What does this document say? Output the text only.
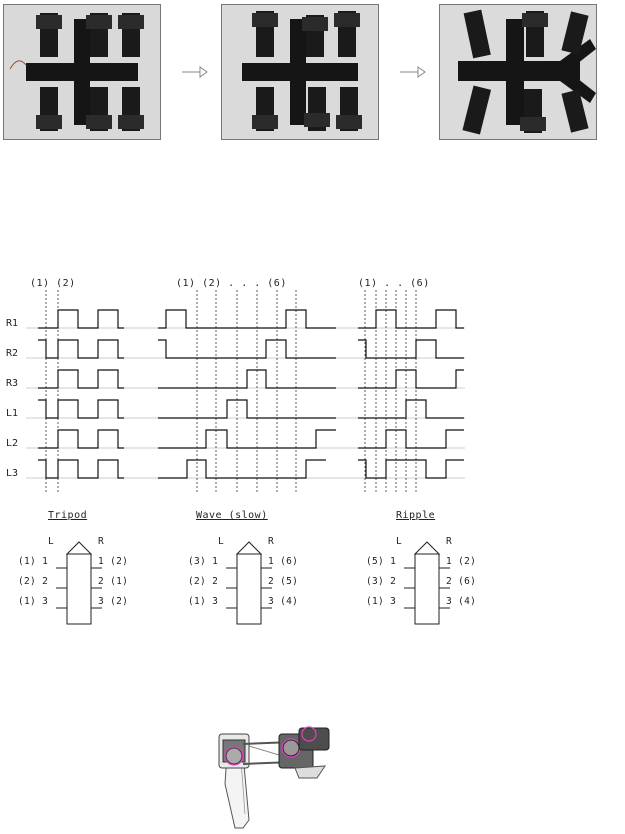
(1) (2)	(1) (2) . . . (6)	(1) . . (6)
R1
R2
R3
L1
L2
L3
Tripod	Wave (slow)	Ripple
L	R
(1) 1
(2) 2
(1) 3
1 (2)
2 (1)
3 (2)
L	R
(3) 1
(2) 2
(1) 3
1 (6)
2 (5)
3 (4)
L	R
(5) 1
(3) 2
(1) 3
1 (2)
2 (6)
3 (4)
